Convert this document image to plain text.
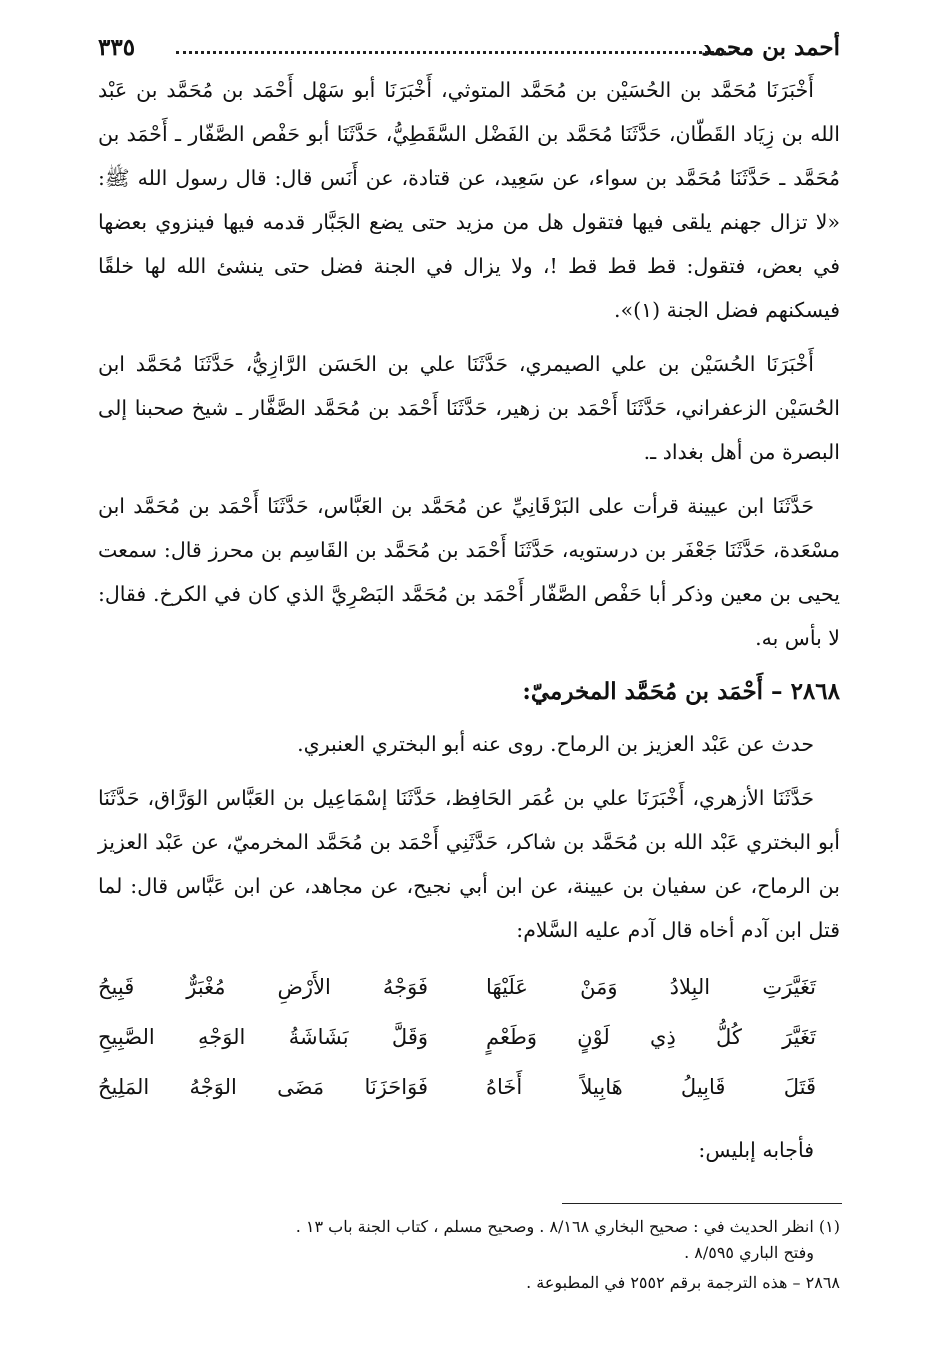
أحمد بن محمد
٣٣٥

أَخْبَرَنَا مُحَمَّد بن الحُسَيْن بن مُحَمَّد المتوثي، أَخْبَرَنَا أبو سَهْل أَحْمَد بن مُحَمَّد بن عَبْد الله بن زِيَاد القَطّان، حَدَّثَنَا مُحَمَّد بن الفَضْل السَّقَطِيُّ، حَدَّثَنَا أبو حَفْص الصَّفّار ـ أَحْمَد بن مُحَمَّد ـ حَدَّثَنَا مُحَمَّد بن سواء، عن سَعِيد، عن قتادة، عن أَنَس قال: قال رسول الله ﷺ: «لا تزال جهنم يلقى فيها فتقول هل من مزيد حتى يضع الجَبَّار قدمه فيها فينزوي بعضها في بعض، فتقول: قط قط قط !، ولا يزال في الجنة فضل حتى ينشئ الله لها خلقًا فيسكنهم فضل الجنة (١)».

أَخْبَرَنَا الحُسَيْن بن علي الصيمري، حَدَّثَنَا علي بن الحَسَن الرَّازِيُّ، حَدَّثَنَا مُحَمَّد ابن الحُسَيْن الزعفراني، حَدَّثَنَا أَحْمَد بن زهير، حَدَّثَنَا أَحْمَد بن مُحَمَّد الصَّفَّار ـ شيخ صحبنا إلى البصرة من أهل بغداد ـ.

حَدَّثَنَا ابن عيينة قرأت على البَرْقَانِيِّ عن مُحَمَّد بن العَبَّاس، حَدَّثَنَا أَحْمَد بن مُحَمَّد ابن مسْعَدة، حَدَّثَنَا جَعْفَر بن درستويه، حَدَّثَنَا أَحْمَد بن مُحَمَّد بن القَاسِم بن محرز قال: سمعت يحيى بن معين وذكر أبا حَفْص الصَّفّار أَحْمَد بن مُحَمَّد البَصْرِيَّ الذي كان في الكرخ. فقال: لا بأس به.

٢٨٦٨ – أَحْمَد بن مُحَمَّد المخرميّ:

حدث عن عَبْد العزيز بن الرماح. روى عنه أبو البختري العنبري.

حَدَّثَنَا الأزهري، أَخْبَرَنَا علي بن عُمَر الحَافِظ، حَدَّثَنَا إسْمَاعِيل بن العَبَّاس الوَرَّاق، حَدَّثَنَا أبو البختري عَبْد الله بن مُحَمَّد بن شاكر، حَدَّثَنِي أَحْمَد بن مُحَمَّد المخرميّ، عن عَبْد العزيز بن الرماح، عن سفيان بن عيينة، عن ابن أبي نجيح، عن مجاهد، عن ابن عَبَّاس قال: لما قتل ابن آدم أخاه قال آدم عليه السَّلام:

تَغَيَّرَتِ البِلادُ وَمَنْ عَلَيْهَا
فَوَجْهُ الأَرْضِ مُغْبَرٌّ قَبِيحُ
تَغَيَّرَ كُلُّ ذِي لَوْنٍ وَطَعْمٍ
وَقَلَّ بَشَاشَةُ الوَجْهِ الصَّبِيحِ
قَتَلَ قَابِيلُ هَابِيلاً أَخَاهُ
فَوَاحَزَنَا مَضَى الوَجْهُ المَلِيحُ

فأجابه إبليس:

(١) انظر الحديث في : صحيح البخاري ٨/١٦٨ . وصحيح مسلم ، كتاب الجنة باب ١٣ .

وفتح الباري ٨/٥٩٥ .

٢٨٦٨ – هذه الترجمة برقم ٢٥٥٢ في المطبوعة .
